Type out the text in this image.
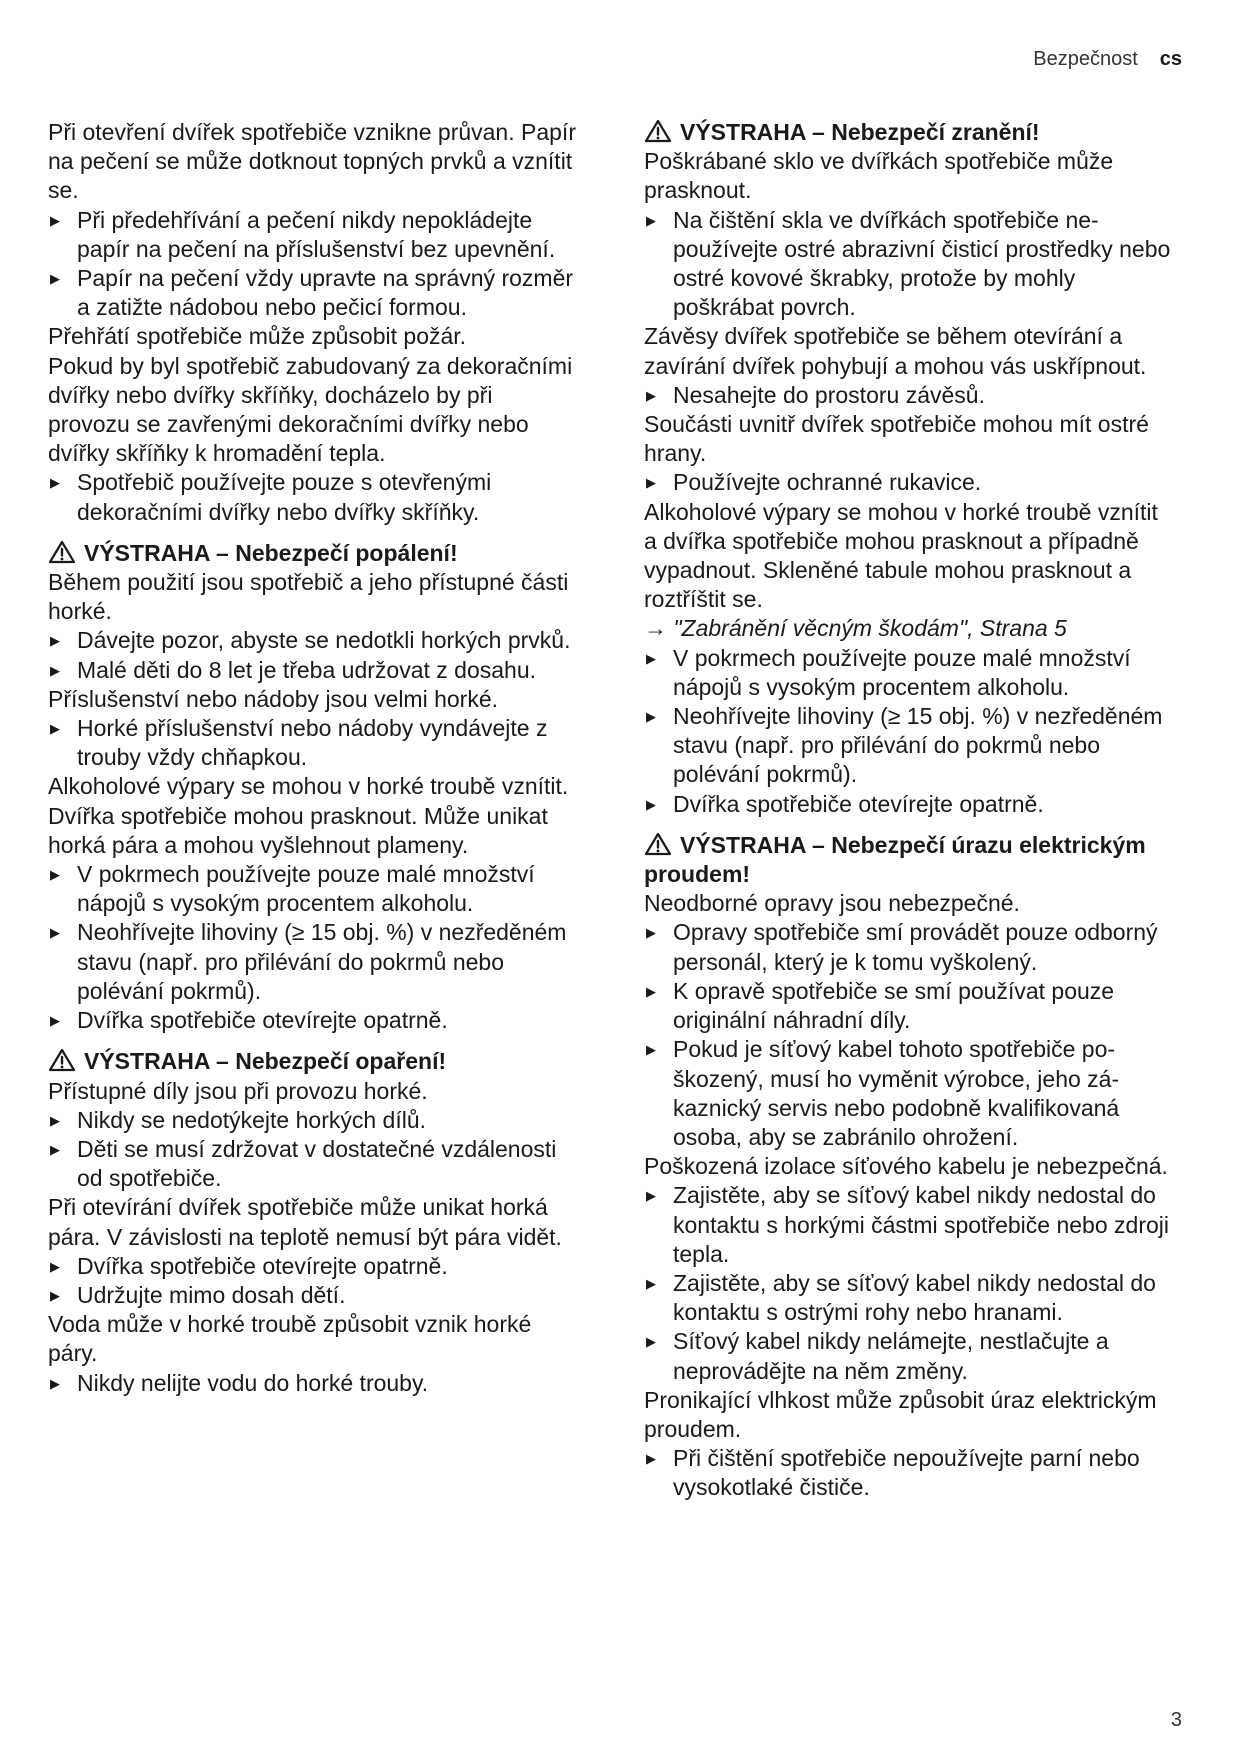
Bezpečnost cs
Při otevření dvířek spotřebiče vznikne průvan. Papír na pečení se může dotknout topných prvků a vznítit se.
▶ Při předehřívání a pečení nikdy nepokládejte papír na pečení na příslušenství bez upevnění.
▶ Papír na pečení vždy upravte na správný rozměr a zatižte nádobou nebo pečicí formou.
Přehřátí spotřebiče může způsobit požár.
Pokud by byl spotřebič zabudovaný za dekoračními dvířky nebo dvířky skříňky, docházelo by při provozu se zavřenými dekoračními dvířky nebo dvířky skříňky k hromadění tepla.
▶ Spotřebič používejte pouze s otevřenými dekoračními dvířky nebo dvířky skříňky.
VÝSTRAHA – Nebezpečí popálení!
Během použití jsou spotřebič a jeho přístupné části horké.
▶ Dávejte pozor, abyste se nedotkli horkých prvků.
▶ Malé děti do 8 let je třeba udržovat z dosahu.
Příslušenství nebo nádoby jsou velmi horké.
▶ Horké příslušenství nebo nádoby vyndávejte z trouby vždy chňapkou.
Alkoholové výpary se mohou v horké troubě vznítit. Dvířka spotřebiče mohou prasknout. Může unikat horká pára a mohou vyšlehnout plameny.
▶ V pokrmech používejte pouze malé množství nápojů s vysokým procentem alkoholu.
▶ Neohřívejte lihoviny (≥ 15 obj. %) v nezředěném stavu (např. pro přilévání do pokrmů nebo polévání pokrmů).
▶ Dvířka spotřebiče otevírejte opatrně.
VÝSTRAHA – Nebezpečí opaření!
Přístupné díly jsou při provozu horké.
▶ Nikdy se nedotýkejte horkých dílů.
▶ Děti se musí zdržovat v dostatečné vzdálenosti od spotřebiče.
Při otevírání dvířek spotřebiče může unikat horká pára. V závislosti na teplotě nemusí být pára vidět.
▶ Dvířka spotřebiče otevírejte opatrně.
▶ Udržujte mimo dosah dětí.
Voda může v horké troubě způsobit vznik horké páry.
▶ Nikdy nelijte vodu do horké trouby.
VÝSTRAHA – Nebezpečí zranění!
Poškrábané sklo ve dvířkách spotřebiče může prasknout.
▶ Na čištění skla ve dvířkách spotřebiče nepoužívejte ostré abrazivní čisticí prostředky nebo ostré kovové škrabky, protože by mohly poškrábat povrch.
Závěsy dvířek spotřebiče se během otevírání a zavírání dvířek pohybují a mohou vás uskřípnout.
▶ Nesahejte do prostoru závěsů.
Součásti uvnitř dvířek spotřebiče mohou mít ostré hrany.
▶ Používejte ochranné rukavice.
Alkoholové výpary se mohou v horké troubě vznítit a dvířka spotřebiče mohou prasknout a případně vypadnout. Skleněné tabule mohou prasknout a roztříštit se.
→ "Zabránění věcným škodám", Strana 5
▶ V pokrmech používejte pouze malé množství nápojů s vysokým procentem alkoholu.
▶ Neohřívejte lihoviny (≥ 15 obj. %) v nezředěném stavu (např. pro přilévání do pokrmů nebo polévání pokrmů).
▶ Dvířka spotřebiče otevírejte opatrně.
VÝSTRAHA – Nebezpečí úrazu elektrickým proudem!
Neodborné opravy jsou nebezpečné.
▶ Opravy spotřebiče smí provádět pouze odborný personál, který je k tomu vyškolený.
▶ K opravě spotřebiče se smí používat pouze originální náhradní díly.
▶ Pokud je síťový kabel tohoto spotřebiče poškozený, musí ho vyměnit výrobce, jeho zákaznický servis nebo podobně kvalifikovaná osoba, aby se zabránilo ohrožení.
Poškozená izolace síťového kabelu je nebezpečná.
▶ Zajistěte, aby se síťový kabel nikdy nedostal do kontaktu s horkými částmi spotřebiče nebo zdroji tepla.
▶ Zajistěte, aby se síťový kabel nikdy nedostal do kontaktu s ostrými rohy nebo hranami.
▶ Síťový kabel nikdy nelámejte, nestlačujte a neprovádějte na něm změny.
Pronikající vlhkost může způsobit úraz elektrickým proudem.
▶ Při čištění spotřebiče nepoužívejte parní nebo vysokotlaké čističe.
3
